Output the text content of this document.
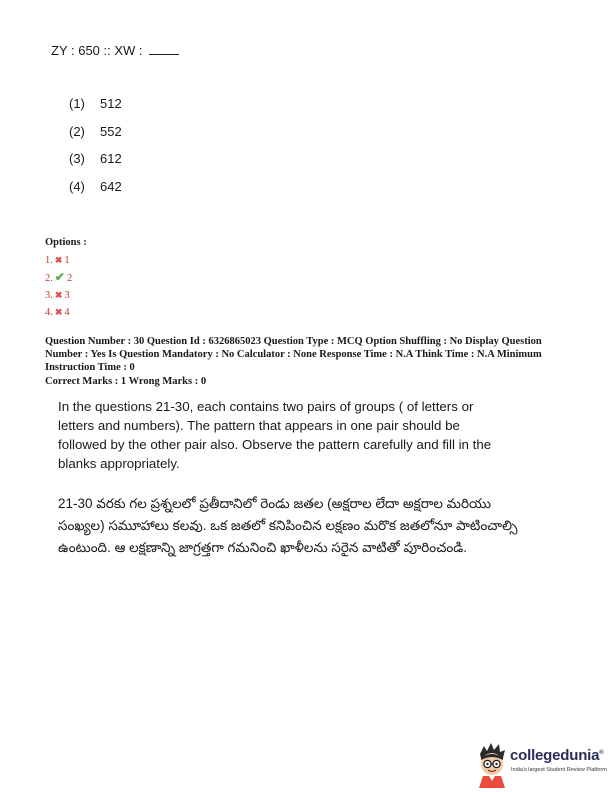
ZY : 650 :: XW :
(1) 512
(2) 552
(3) 612
(4) 642
Options :
1. ✖ 1
2. ✔ 2
3. ✖ 3
4. ✖ 4
Question Number : 30 Question Id : 6326865023 Question Type : MCQ Option Shuffling : No Display Question Number : Yes Is Question Mandatory : No Calculator : None Response Time : N.A Think Time : N.A Minimum Instruction Time : 0
Correct Marks : 1 Wrong Marks : 0
In the questions 21-30, each contains two pairs of groups ( of letters or letters and numbers). The pattern that appears in one pair should be followed by the other pair also. Observe the pattern carefully and fill in the blanks appropriately.
21-30 వరకు గల ప్రశ్నలలో ప్రతీదానిలో రెండు జతల (అక్షరాల లేదా అక్షరాల మరియు సంఖ్యల) సమూహాలు కలవు. ఒక జతలో కనిపించిన లక్షణం మరొక జతలోనూ పాటించాల్సి ఉంటుంది. ఆ లక్షణాన్ని జాగ్రత్తగా గమనించి ఖాళీలను సరైన వాటితో పూరించండి.
collegedunia®
India's largest Student Review Platform
